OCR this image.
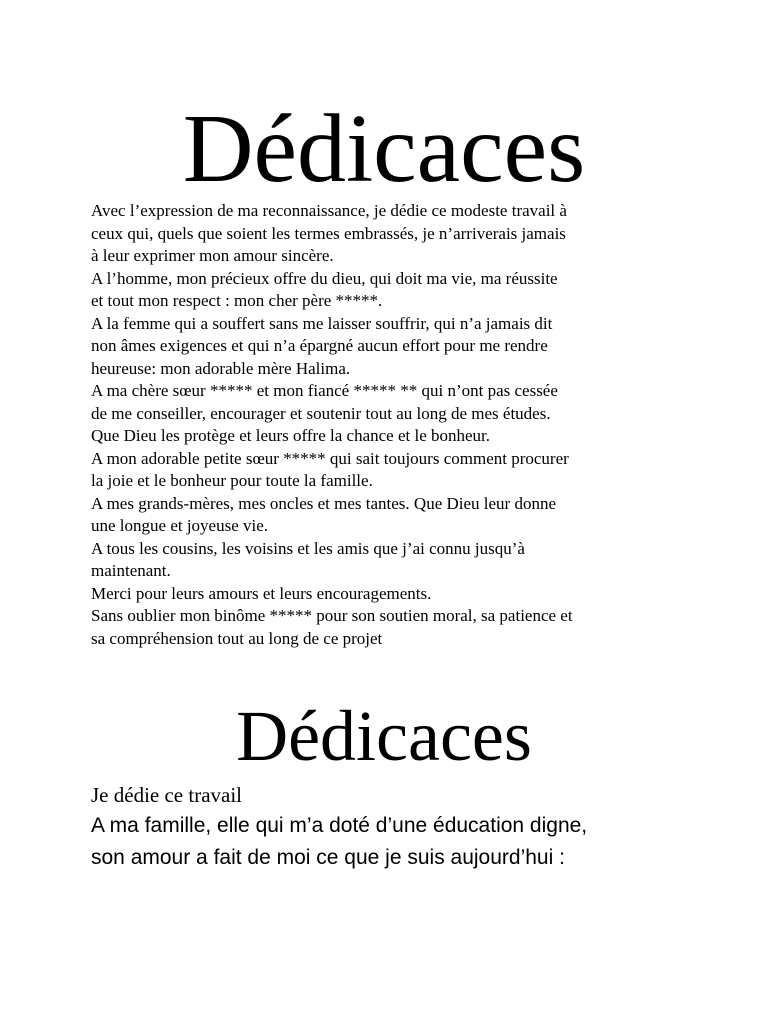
Dédicaces
Avec l’expression de ma reconnaissance, je dédie ce modeste travail à
ceux qui, quels que soient les termes embrassés, je n’arriverais jamais
à leur exprimer mon amour sincère.
A l’homme, mon précieux offre du dieu, qui doit ma vie, ma réussite
et tout mon respect : mon cher père *****.
A la femme qui a souffert sans me laisser souffrir, qui n’a jamais dit
non âmes exigences et qui n’a épargné aucun effort pour me rendre
heureuse: mon adorable mère Halima.
A ma chère sœur ***** et mon fiancé ***** ** qui n’ont pas cessée
de me conseiller, encourager et soutenir tout au long de mes études.
Que Dieu les protège et leurs offre la chance et le bonheur.
A mon adorable petite sœur ***** qui sait toujours comment procurer
la joie et le bonheur pour toute la famille.
A mes grands-mères, mes oncles et mes tantes. Que Dieu leur donne
une longue et joyeuse vie.
A tous les cousins, les voisins et les amis que j’ai connu jusqu’à
maintenant.
Merci pour leurs amours et leurs encouragements.
Sans oublier mon binôme ***** pour son soutien moral, sa patience et
sa compréhension tout au long de ce projet
Dédicaces
Je dédie ce travail
A ma famille, elle qui m’a doté d’une éducation digne,
son amour a fait de moi ce que je suis aujourd’hui :
